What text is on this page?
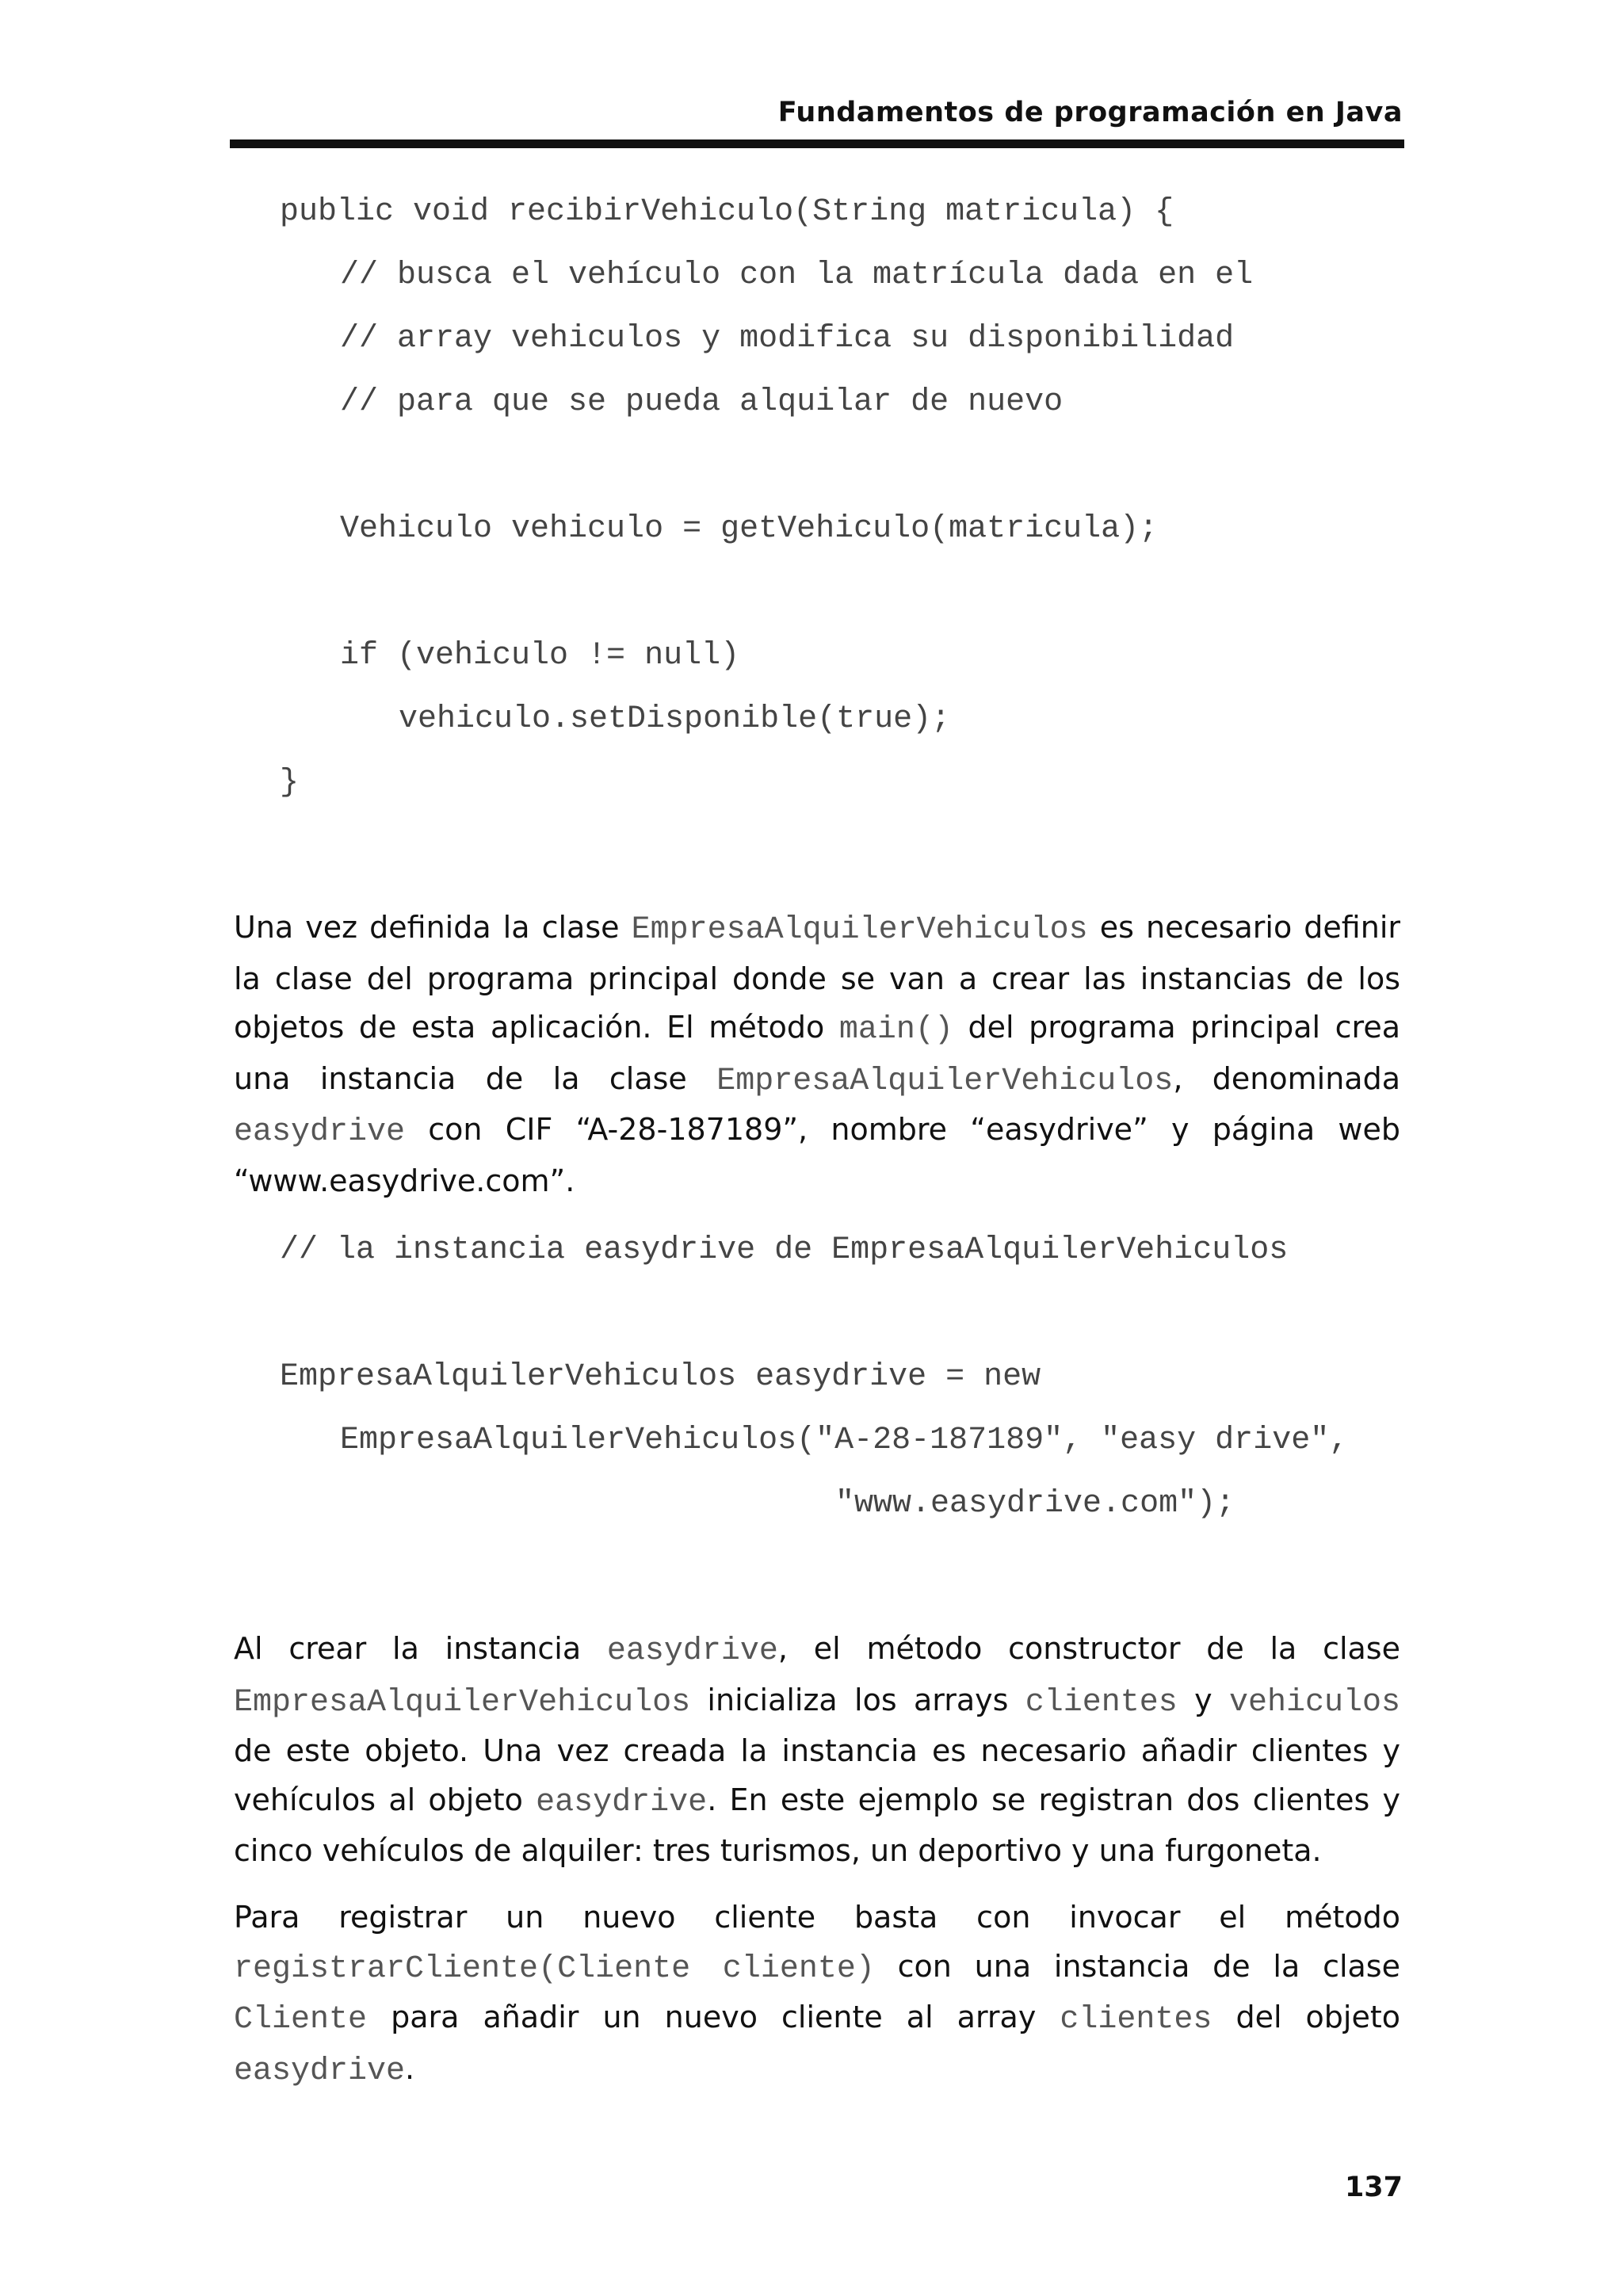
Fundamentos de programación en Java
public void recibirVehiculo(String matricula) {
// busca el vehículo con la matrícula dada en el
// array vehiculos y modifica su disponibilidad
// para que se pueda alquilar de nuevo
Vehiculo vehiculo = getVehiculo(matricula);
if (vehiculo != null)
vehiculo.setDisponible(true);
}

Una vez definida la clase EmpresaAlquilerVehiculos es necesario definir la clase del programa principal donde se van a crear las instancias de los objetos de esta aplicación. El método main() del programa principal crea una instancia de la clase EmpresaAlquilerVehiculos, denominada easydrive con CIF “A-28-187189”, nombre “easydrive” y página web “www.easydrive.com”.

// la instancia easydrive de EmpresaAlquilerVehiculos
EmpresaAlquilerVehiculos easydrive = new
EmpresaAlquilerVehiculos("A-28-187189", "easy drive",
"www.easydrive.com");

Al crear la instancia easydrive, el método constructor de la clase EmpresaAlquilerVehiculos inicializa los arrays clientes y vehiculos de este objeto. Una vez creada la instancia es necesario añadir clientes y vehículos al objeto easydrive. En este ejemplo se registran dos clientes y cinco vehículos de alquiler: tres turismos, un deportivo y una furgoneta.

Para registrar un nuevo cliente basta con invocar el método registrarCliente(Cliente cliente) con una instancia de la clase Cliente para añadir un nuevo cliente al array clientes del objeto easydrive.

137
